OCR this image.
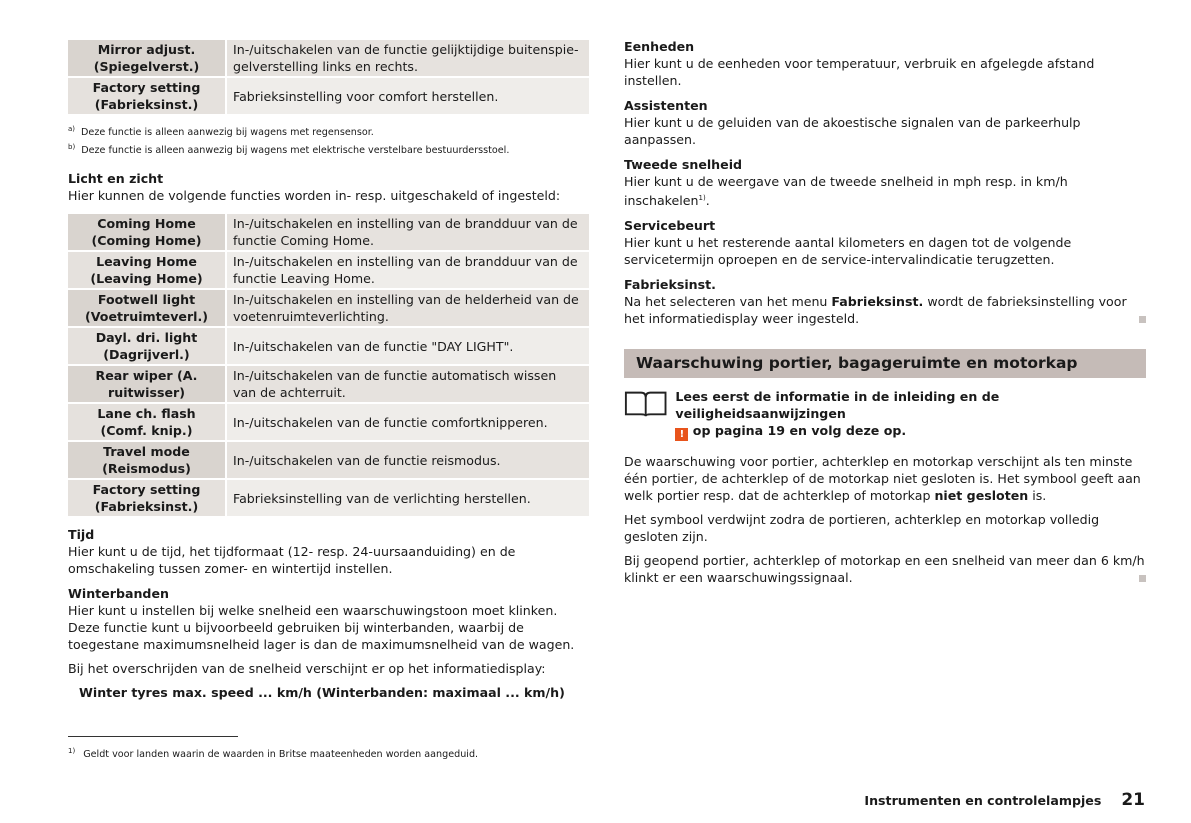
Mirror adjust. (Spiegelverst.)	In-/uitschakelen van de functie gelijktijdige buitenspie-gelverstelling links en rechts.
Factory setting (Fabrieksinst.)	Fabrieksinstelling voor comfort herstellen.
$^{a)}$ Deze functie is alleen aanwezig bij wagens met regensensor.
$^{b)}$ Deze functie is alleen aanwezig bij wagens met elektrische verstelbare bestuurdersstoel.
Licht en zicht

Hier kunnen de volgende functies worden in- resp. uitgeschakeld of ingesteld:

Coming Home (Coming Home)	In-/uitschakelen en instelling van de brandduur van de functie Coming Home.
Leaving Home (Leaving Home)	In-/uitschakelen en instelling van de brandduur van de functie Leaving Home.
Footwell light (Voetruimteverl.)	In-/uitschakelen en instelling van de helderheid van de voetenruimteverlichting.
Dayl. dri. light (Dagrijverl.)	In-/uitschakelen van de functie "DAY LIGHT".
Rear wiper (A. ruitwisser)	In-/uitschakelen van de functie automatisch wissen van de achterruit.
Lane ch. flash (Comf. knip.)	In-/uitschakelen van de functie comfortknipperen.
Travel mode (Reismodus)	In-/uitschakelen van de functie reismodus.
Factory setting (Fabrieksinst.)	Fabrieksinstelling van de verlichting herstellen.
Tijd

Hier kunt u de tijd, het tijdformaat (12- resp. 24-uursaanduiding) en de omschakeling tussen zomer- en wintertijd instellen.

Winterbanden

Hier kunt u instellen bij welke snelheid een waarschuwingstoon moet klinken. Deze functie kunt u bijvoorbeeld gebruiken bij winterbanden, waarbij de toegestane maximumsnelheid lager is dan de maximumsnelheid van de wagen.

Bij het overschrijden van de snelheid verschijnt er op het informatiedisplay:

Winter tyres max. speed ... km/h (Winterbanden: maximaal ... km/h)

Eenheden

Hier kunt u de eenheden voor temperatuur, verbruik en afgelegde afstand instellen.

Assistenten

Hier kunt u de geluiden van de akoestische signalen van de parkeerhulp aanpassen.

Tweede snelheid

Hier kunt u de weergave van de tweede snelheid in mph resp. in km/h inschakelen$^{1)}$.

Servicebeurt

Hier kunt u het resterende aantal kilometers en dagen tot de volgende servicetermijn oproepen en de service-intervalindicatie terugzetten.

Fabrieksinst.

Na het selecteren van het menu Fabrieksinst. wordt de fabrieksinstelling voor het informatiedisplay weer ingesteld.

Waarschuwing portier, bagageruimte en motorkap
Lees eerst de informatie in de inleiding en de veiligheidsaanwijzingen
! op pagina 19 en volg deze op.

De waarschuwing voor portier, achterklep en motorkap verschijnt als ten minste één portier, de achterklep of de motorkap niet gesloten is. Het symbool geeft aan welk portier resp. dat de achterklep of motorkap niet gesloten is.

Het symbool verdwijnt zodra de portieren, achterklep en motorkap volledig gesloten zijn.

Bij geopend portier, achterklep of motorkap en een snelheid van meer dan 6 km/h klinkt er een waarschuwingssignaal.

$^{1)}$ Geldt voor landen waarin de waarden in Britse maateenheden worden aangeduid.
Instrumenten en controlelampjes 21
